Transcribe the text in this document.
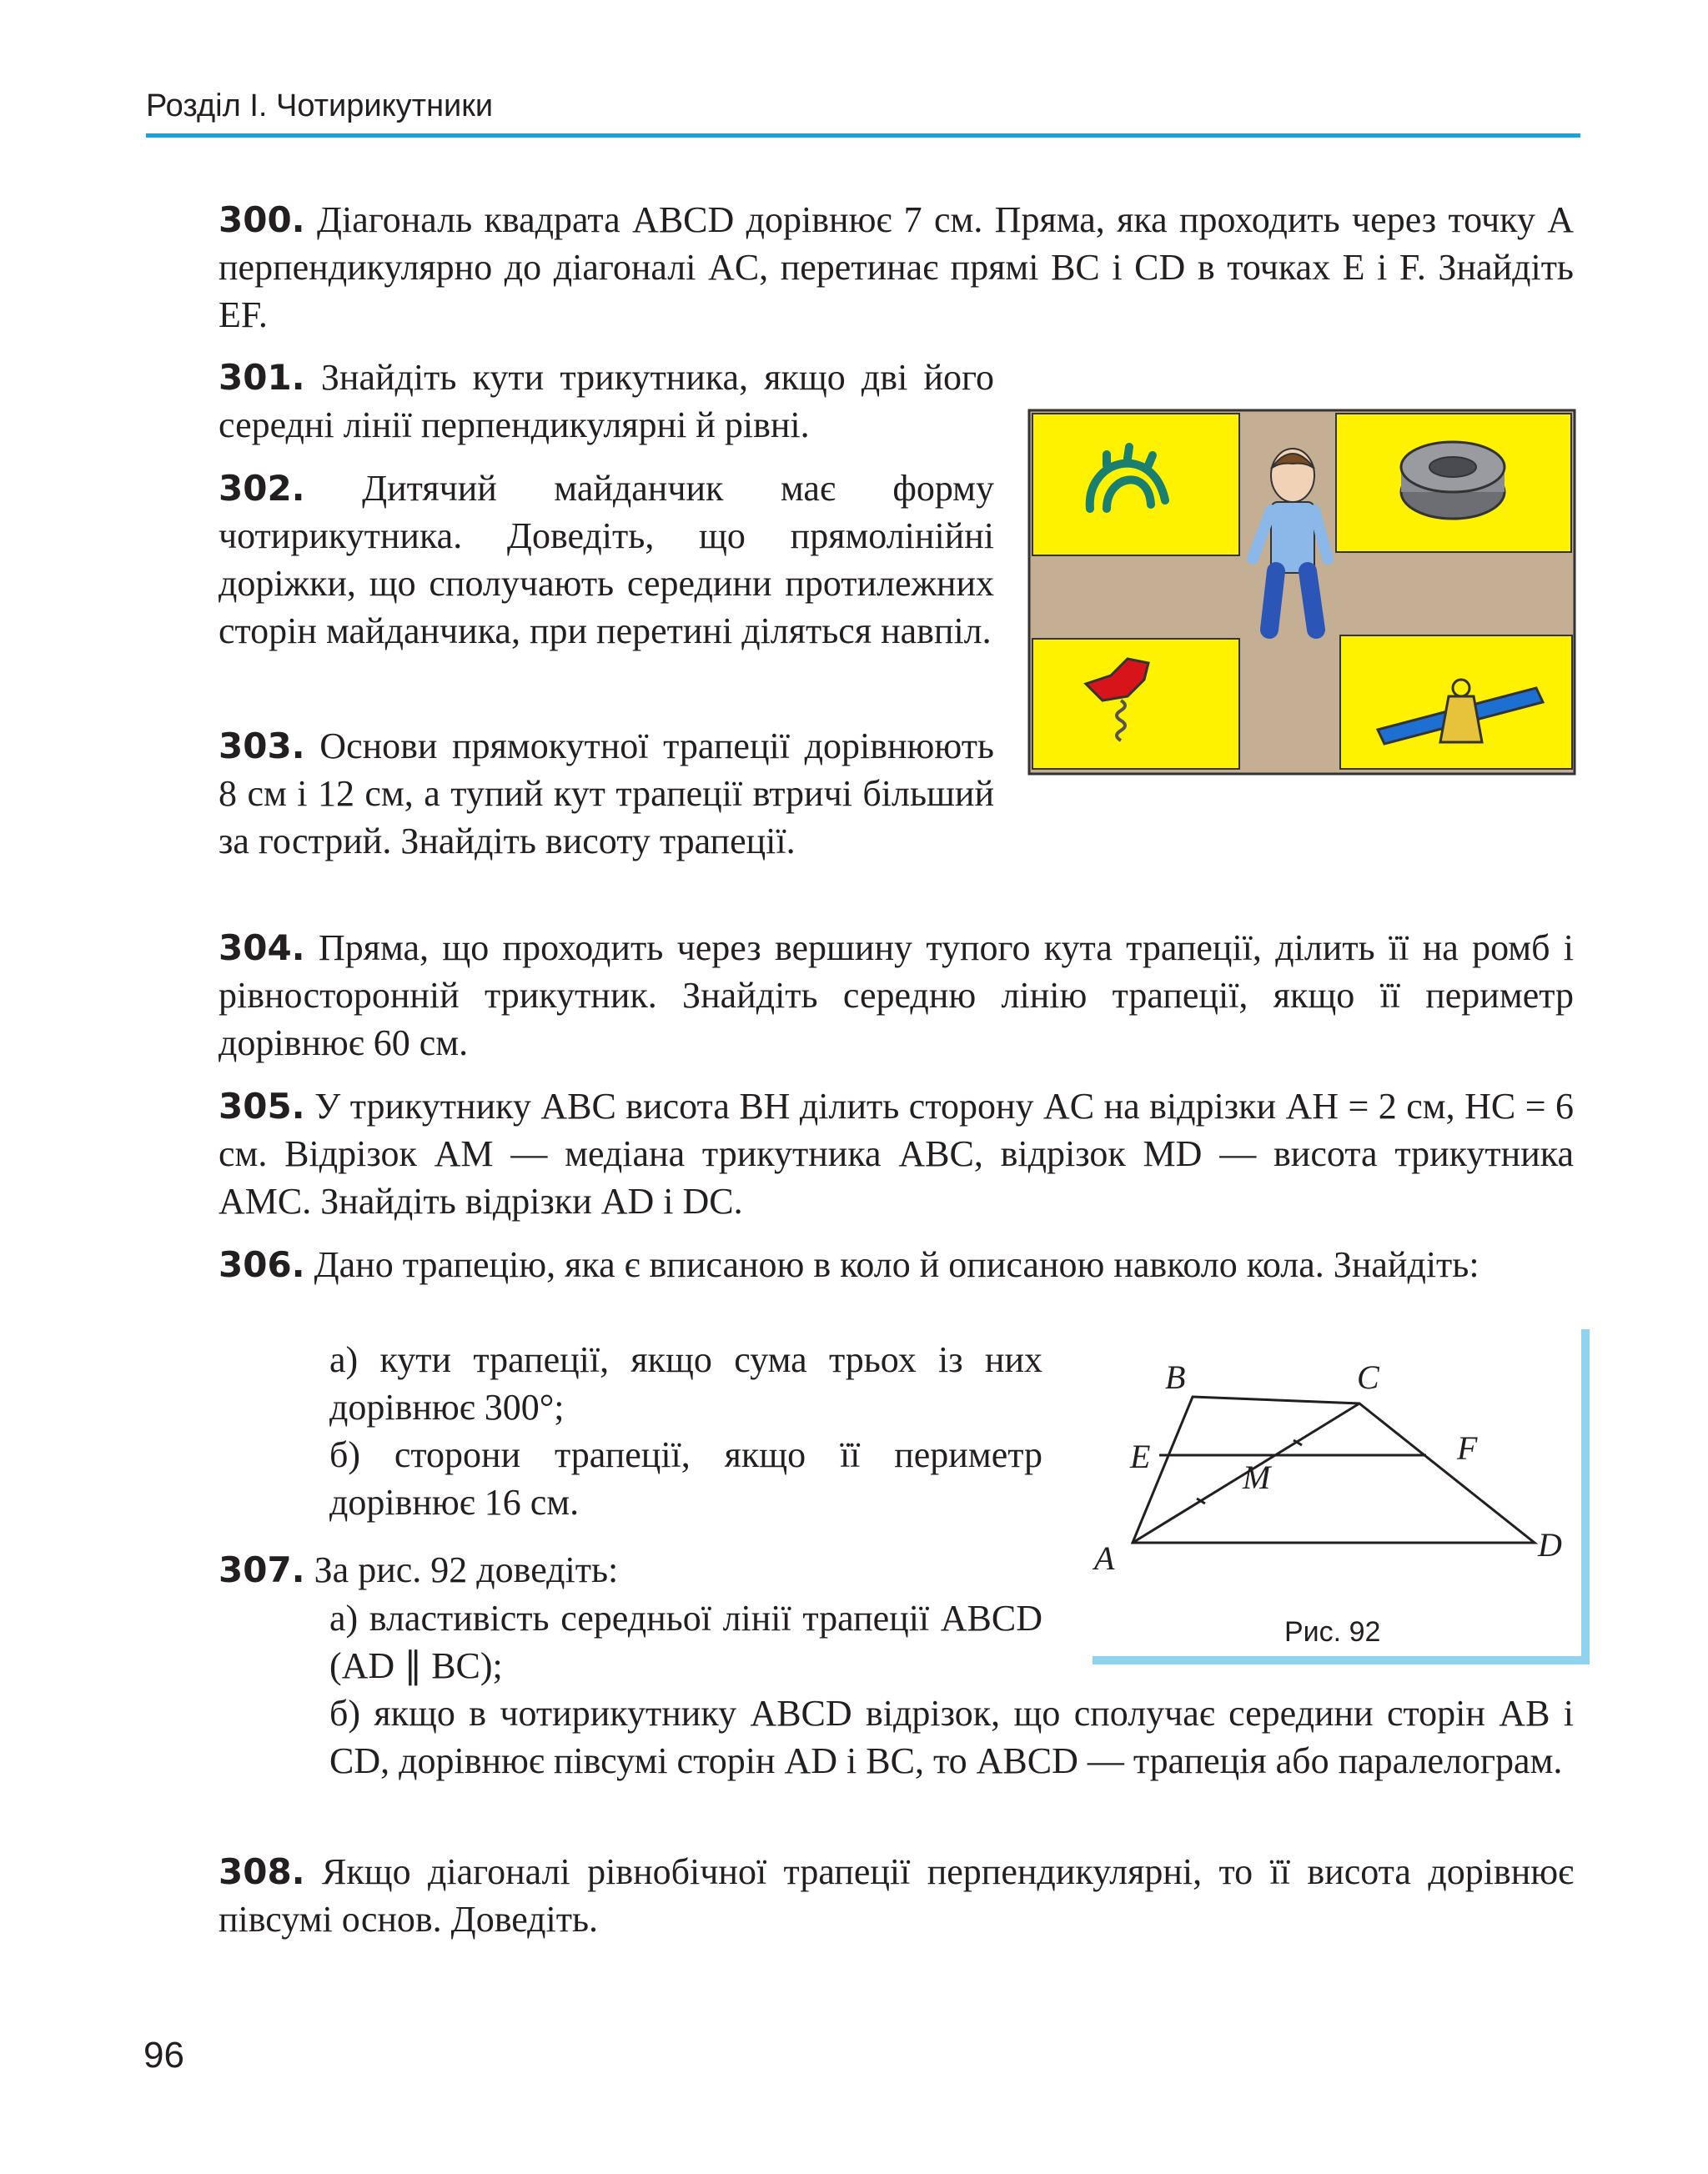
Розділ І. Чотирикутники
300. Діагональ квадрата ABCD дорівнює 7 см. Пряма, яка проходить через точку A перпендикулярно до діагоналі AC, перетинає прямі BC і CD в точках E і F. Знайдіть EF.
301. Знайдіть кути трикутника, якщо дві його середні лінії перпендикулярні й рівні.
302. Дитячий майданчик має форму чотирикутника. Доведіть, що прямолінійні доріжки, що сполучають середини протилежних сторін майданчика, при перетині діляться навпіл.
303. Основи прямокутної трапеції дорівнюють 8 см і 12 см, а тупий кут трапеції втричі більший за гострий. Знайдіть висоту трапеції.
304. Пряма, що проходить через вершину тупого кута трапеції, ділить її на ромб і рівносторонній трикутник. Знайдіть середню лінію трапеції, якщо її периметр дорівнює 60 см.
305. У трикутнику ABC висота BH ділить сторону AC на відрізки AH = 2 см, HC = 6 см. Відрізок AM — медіана трикутника ABC, відрізок MD — висота трикутника AMC. Знайдіть відрізки AD і DC.
306. Дано трапецію, яка є вписаною в коло й описаною навколо кола. Знайдіть:
а) кути трапеції, якщо сума трьох із них дорівнює 300°;
б) сторони трапеції, якщо її периметр дорівнює 16 см.
307. За рис. 92 доведіть:
а) властивість середньої лінії трапеції ABCD (AD ∥ BC);
б) якщо в чотирикутнику ABCD відрізок, що сполучає середини сторін AB і CD, дорівнює півсумі сторін AD і BC, то ABCD — трапеція або паралелограм.
308. Якщо діагоналі рівнобічної трапеції перпендикулярні, то її висота дорівнює півсумі основ. Доведіть.
B	C
E	F
M
A	D
Рис. 92
96
